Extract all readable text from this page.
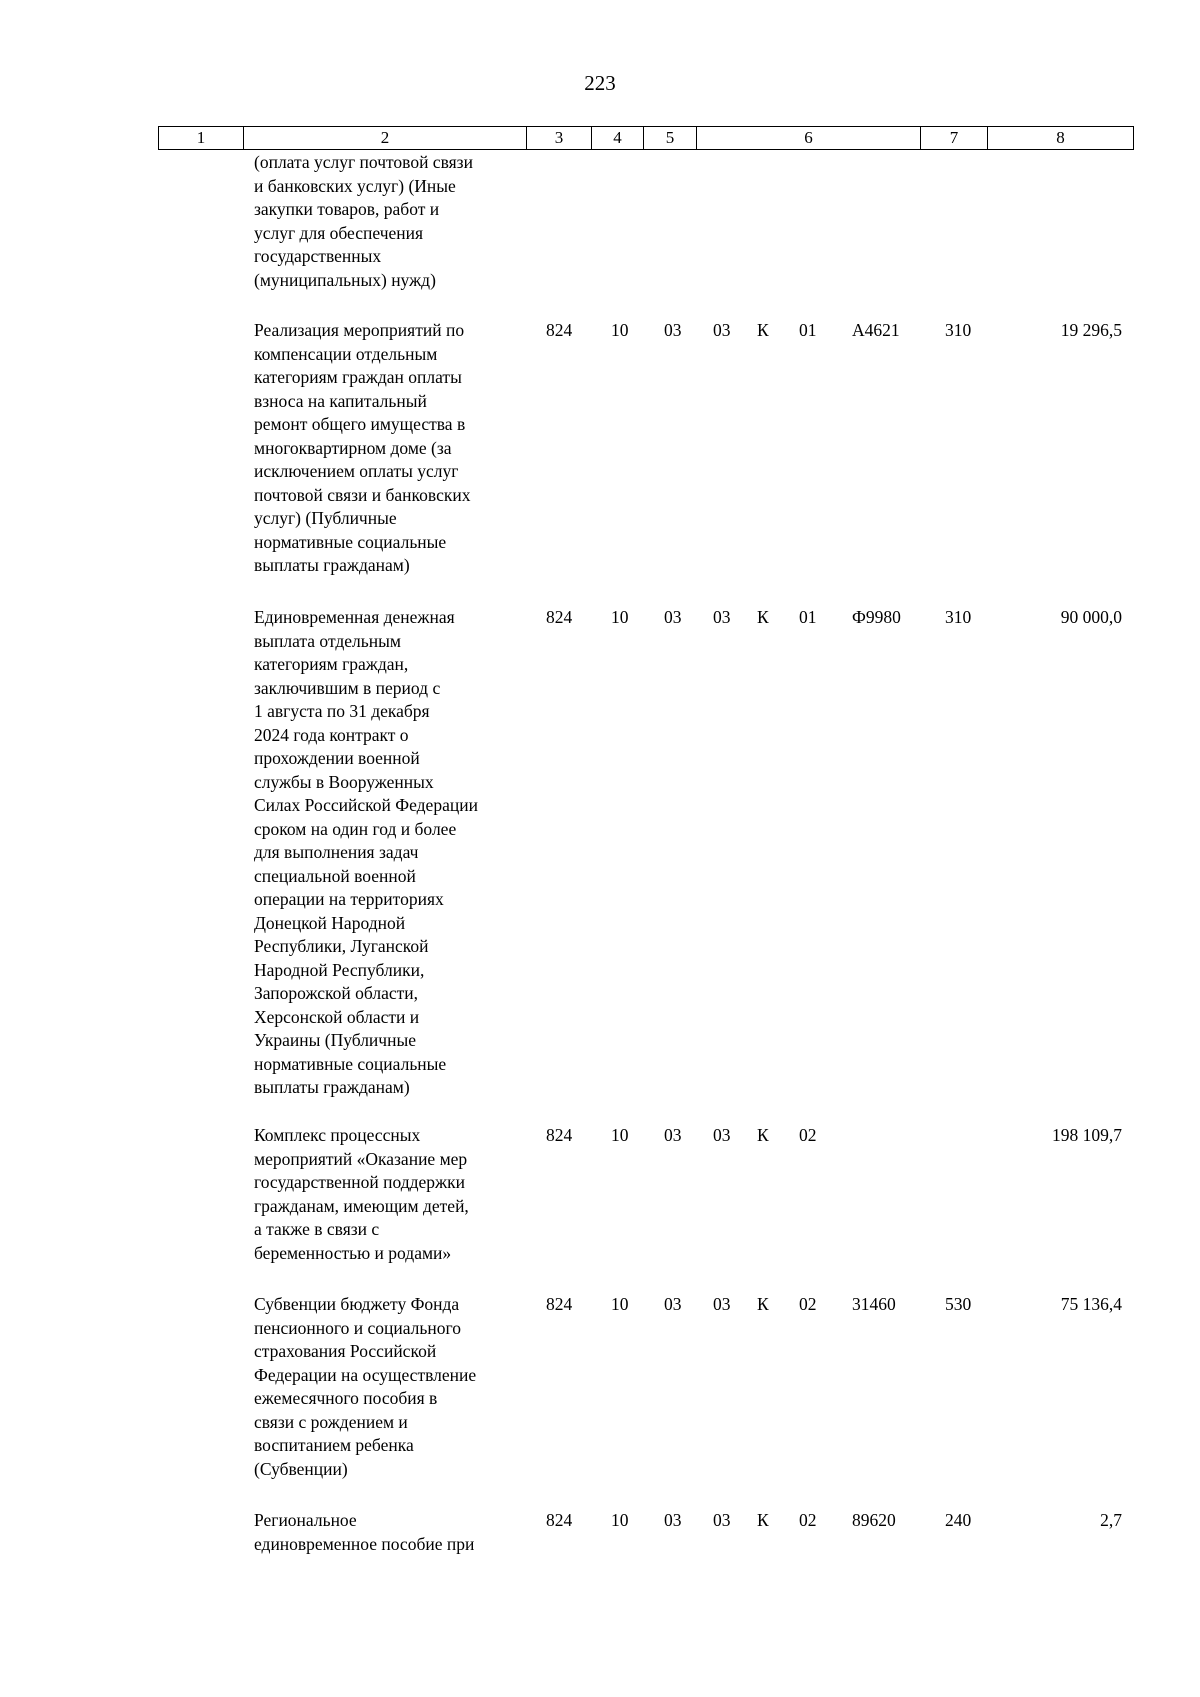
223
1	2	3	4	5	6	7	8
(оплата услуг почтовой связи
и банковских услуг) (Иные
закупки товаров, работ и
услуг для обеспечения
государственных
(муниципальных) нужд)
Реализация мероприятий по
компенсации отдельным
категориям граждан оплаты
взноса на капитальный
ремонт общего имущества в
многоквартирном доме (за
исключением оплаты услуг
почтовой связи и банковских
услуг) (Публичные
нормативные социальные
выплаты гражданам)
824 10 03 03 К 01 А4621	310	19 296,5
Единовременная денежная
выплата отдельным
категориям граждан,
заключившим в период с
1 августа по 31 декабря
2024 года контракт о
прохождении военной
службы в Вооруженных
Силах Российской Федерации
сроком на один год и более
для выполнения задач
специальной военной
операции на территориях
Донецкой Народной
Республики, Луганской
Народной Республики,
Запорожской области,
Херсонской области и
Украины (Публичные
нормативные социальные
выплаты гражданам)
824 10 03 03 К 01 Ф9980	310	90 000,0
Комплекс процессных
мероприятий «Оказание мер
государственной поддержки
гражданам, имеющим детей,
а также в связи с
беременностью и родами»
824 10 03 03 К 02	198 109,7
Субвенции бюджету Фонда
пенсионного и социального
страхования Российской
Федерации на осуществление
ежемесячного пособия в
связи с рождением и
воспитанием ребенка
(Субвенции)
824 10 03 03 К 02 31460	530	75 136,4
Региональное
единовременное пособие при
824 10 03 03 К 02 89620	240	2,7
